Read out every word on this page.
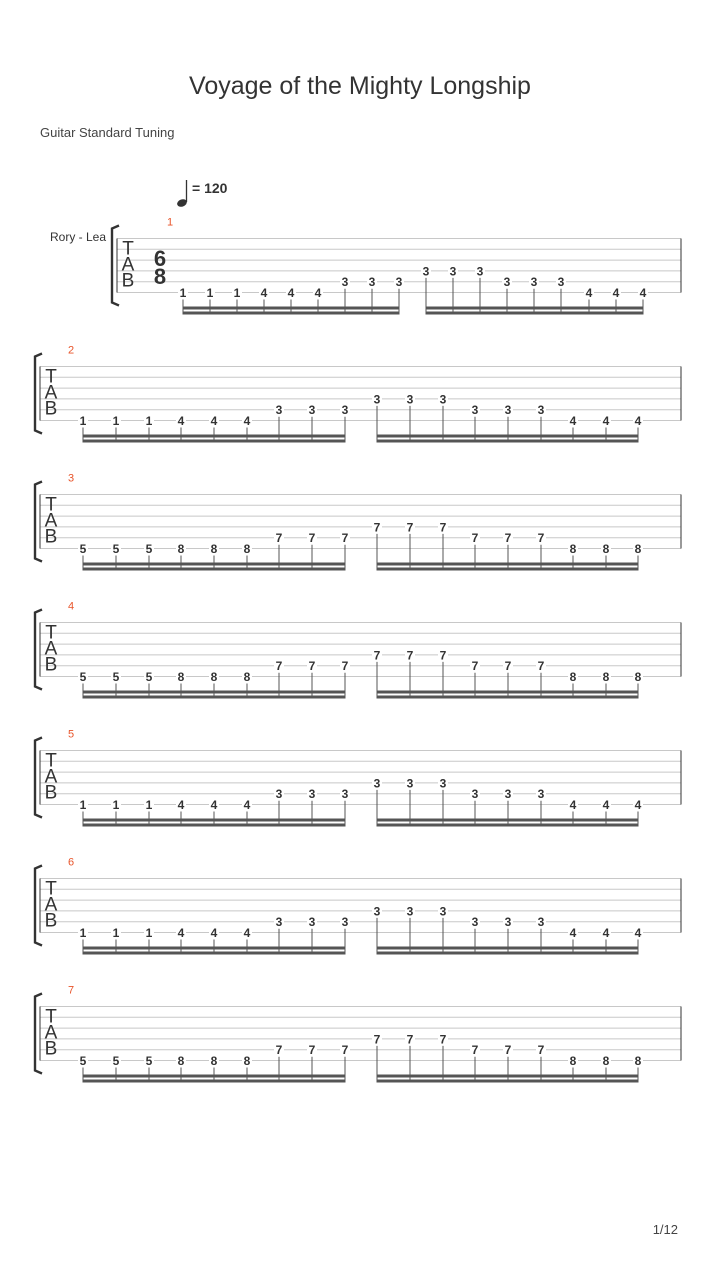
Voyage of the Mighty Longship
Guitar Standard Tuning
= 120
Rory - Lea
T
A
B
6
8
1
1 1 1 4 4 4
3 3 3
3 3 3
3 3 3
4 4 4
T
A
B
2
1 1 1 4 4 4
3 3 3
3 3 3
3 3 3
4 4 4
T
A
B
3
5 5 5 8 8 8
7 7 7
7 7 7
7 7 7
8 8 8
T
A
B
4
5 5 5 8 8 8
7 7 7
7 7 7
7 7 7
8 8 8
T
A
B
5
1 1 1 4 4 4
3 3 3
3 3 3
3 3 3
4 4 4
T
A
B
6
1 1 1 4 4 4
3 3 3
3 3 3
3 3 3
4 4 4
T
A
B
7
5 5 5 8 8 8
7 7 7
7 7 7
7 7 7
8 8 8
1/12
